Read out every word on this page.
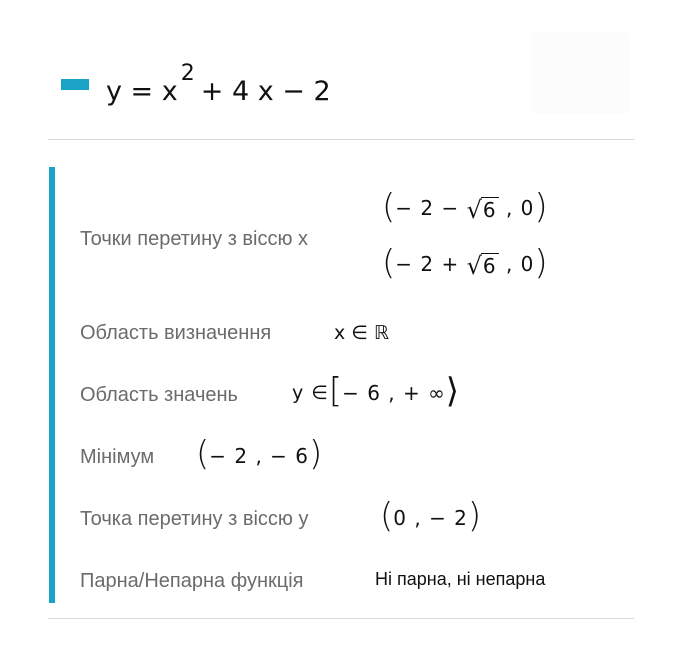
$y = x^2+ 4$ x − 2
Точки перетину з віссю x
(− 2 − √6 , 0)
(− 2 + √6 , 0)
Область визначення	x ∈ ℝ
Область значень	y ∈[− 6 , + ∞⟩
Мінімум (− 2 , − 6)
Точка перетину з віссю y (0 , − 2)
Парна/Непарна функція	Ні парна, ні непарна
